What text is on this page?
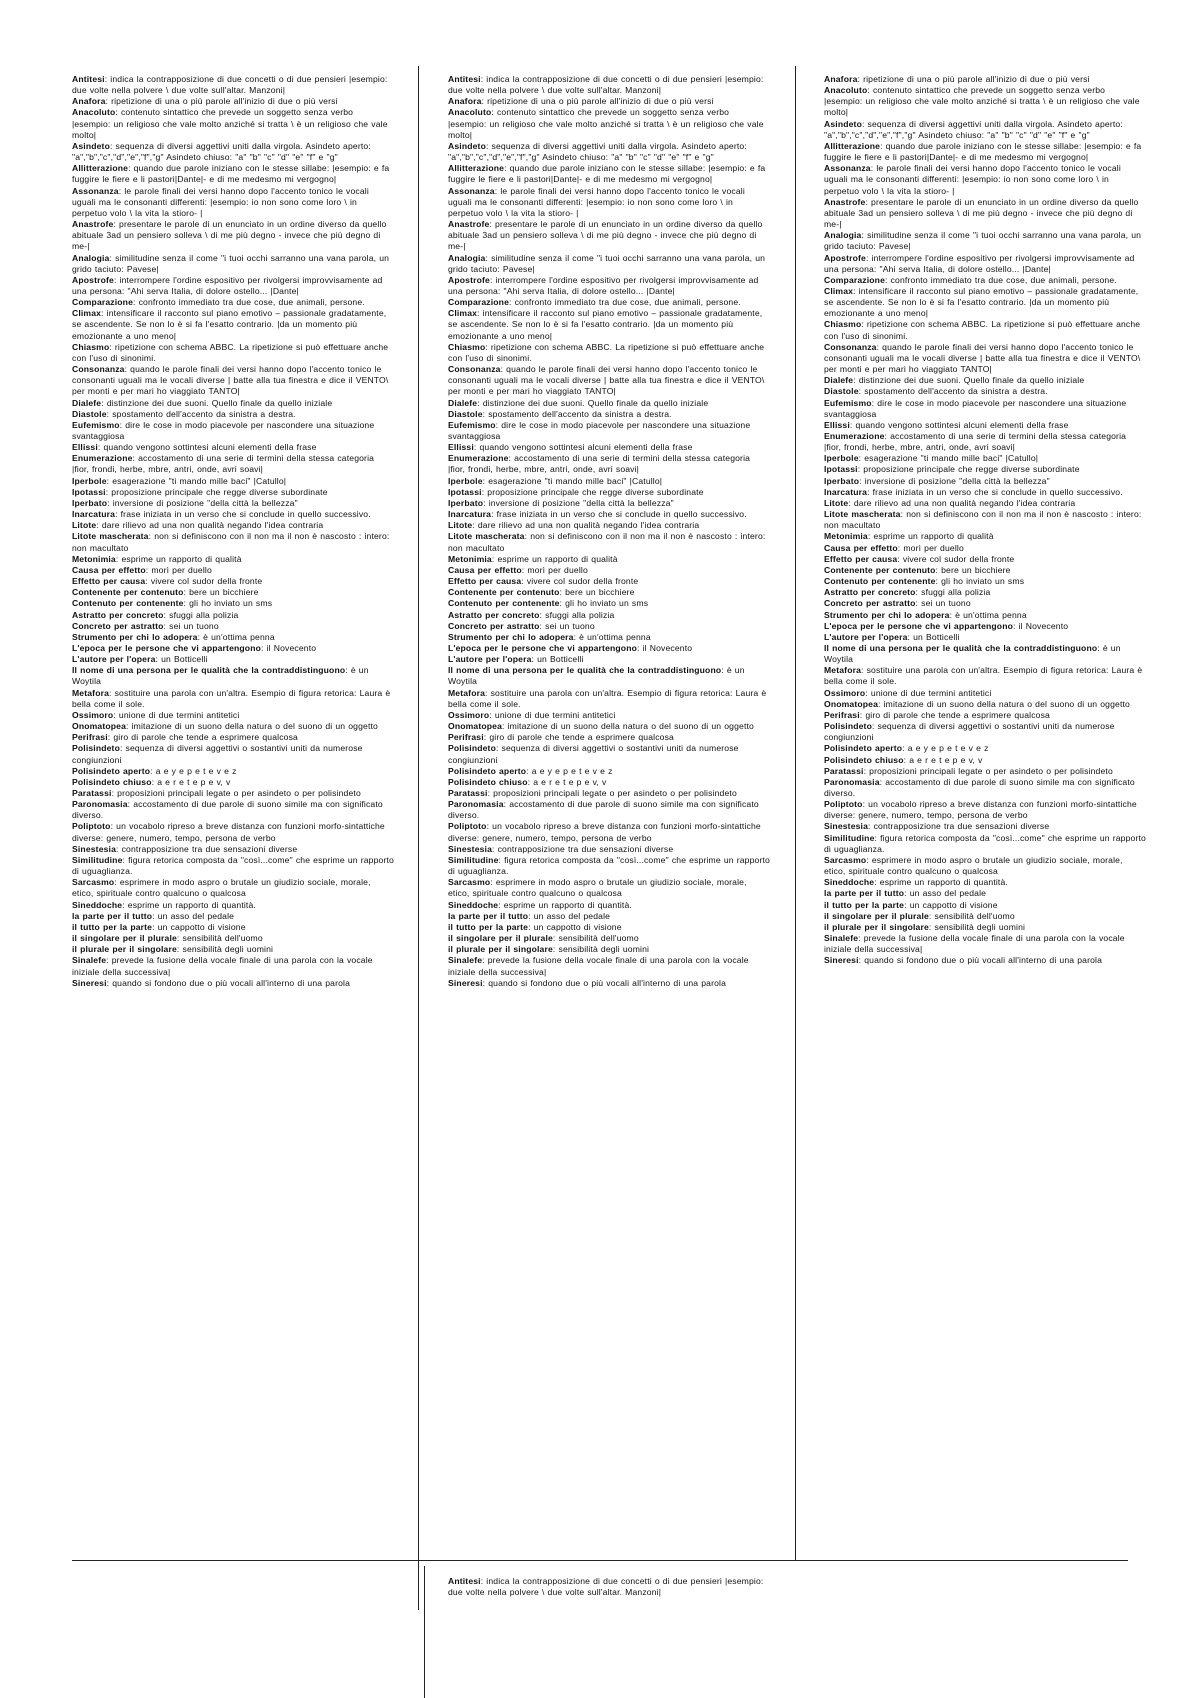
Antitesi: indica la contrapposizione di due concetti o di due pensieri |esempio: due volte nella polvere \ due volte sull'altar. Manzoni|

Anafora: ripetizione di una o più parole all'inizio di due o più versi

Anacoluto: contenuto sintattico che prevede un soggetto senza verbo |esempio: un religioso che vale molto anziché si tratta \ è un religioso che vale molto|

Asindeto: sequenza di diversi aggettivi uniti dalla virgola. Asindeto aperto: "a","b","c","d","e","f","g" Asindeto chiuso: "a" "b" "c" "d" "e" "f" e "g"

Allitterazione: quando due parole iniziano con le stesse sillabe: |esempio: e fa fuggire le fiere e li pastori|Dante|- e di me medesmo mi vergogno|

Assonanza: le parole finali dei versi hanno dopo l'accento tonico le vocali uguali ma le consonanti differenti: |esempio: io non sono come loro \ in perpetuo volo \ la vita la stioro- |

Anastrofe: presentare le parole di un enunciato in un ordine diverso da quello abituale 3ad un pensiero solleva \ di me più degno - invece che più degno di me-|

Analogia: similitudine senza il come "i tuoi occhi sarranno una vana parola, un grido taciuto: Pavese|

Apostrofe: interrompere l'ordine espositivo per rivolgersi improvvisamente ad una persona: "Ahi serva Italia, di dolore ostello... |Dante|

Comparazione: confronto immediato tra due cose, due animali, persone.

Climax: intensificare il racconto sul piano emotivo – passionale gradatamente, se ascendente. Se non lo è si fa l'esatto contrario. |da un momento più emozionante a uno meno|

Chiasmo: ripetizione con schema ABBC. La ripetizione si può effettuare anche con l'uso di sinonimi.

Consonanza: quando le parole finali dei versi hanno dopo l'accento tonico le consonanti uguali ma le vocali diverse | batte alla tua finestra e dice il VENTO\ per monti e per mari ho viaggiato TANTO|

Dialefe: distinzione dei due suoni. Quello finale da quello iniziale

Diastole: spostamento dell'accento da sinistra a destra.

Eufemismo: dire le cose in modo piacevole per nascondere una situazione svantaggiosa

Ellissi: quando vengono sottintesi alcuni elementi della frase

Enumerazione: accostamento di una serie di termini della stessa categoria |fior, frondi, herbe, mbre, antri, onde, avri soavi|

Iperbole: esagerazione "ti mando mille baci" |Catullo|

Ipotassi: proposizione principale che regge diverse subordinate

Iperbato: inversione di posizione "della città la bellezza"

Inarcatura: frase iniziata in un verso che si conclude in quello successivo.

Litote: dare rilievo ad una non qualità negando l'idea contraria

Litote mascherata: non si definiscono con il non ma il non è nascosto : intero: non macultato

Metonimia: esprime un rapporto di qualità

Causa per effetto: morì per duello

Effetto per causa: vivere col sudor della fronte

Contenente per contenuto: bere un bicchiere

Contenuto per contenente: gli ho inviato un sms

Astratto per concreto: sfuggi alla polizia

Concreto per astratto: sei un tuono

Strumento per chi lo adopera: è un'ottima penna

L'epoca per le persone che vi appartengono: il Novecento

L'autore per l'opera: un Botticelli

Il nome di una persona per le qualità che la contraddistinguono: è un Woytila

Metafora: sostituire una parola con un'altra. Esempio di figura retorica: Laura è bella come il sole.

Ossimoro: unione di due termini antitetici

Onomatopea: imitazione di un suono della natura o del suono di un oggetto

Perifrasi: giro di parole che tende a esprimere qualcosa

Polisindeto: sequenza di diversi aggettivi o sostantivi uniti da numerose congiunzioni

Polisindeto aperto: a e y e p e t e v e z

Polisindeto chiuso: a e r e t e p e v, v

Paratassi: proposizioni principali legate o per asindeto o per polisindeto

Paronomasia: accostamento di due parole di suono simile ma con significato diverso.

Poliptoto: un vocabolo ripreso a breve distanza con funzioni morfo-sintattiche diverse: genere, numero, tempo, persona de verbo

Sinestesia: contrapposizione tra due sensazioni diverse

Similitudine: figura retorica composta da "così...come" che esprime un rapporto di uguaglianza.

Sarcasmo: esprimere in modo aspro o brutale un giudizio sociale, morale, etico, spirituale contro qualcuno o qualcosa

Sineddoche: esprime un rapporto di quantità.

la parte per il tutto: un asso del pedale

il tutto per la parte: un cappotto di visione

il singolare per il plurale: sensibilità dell'uomo

il plurale per il singolare: sensibilità degli uomini

Sinalefe: prevede la fusione della vocale finale di una parola con la vocale iniziale della successiva|

Sineresi: quando si fondono due o più vocali all'interno di una parola

Antitesi: indica la contrapposizione di due concetti o di due pensieri |esempio: due volte nella polvere \ due volte sull'altar. Manzoni|

Anafora: ripetizione di una o più parole all'inizio di due o più versi

Anacoluto: contenuto sintattico che prevede un soggetto senza verbo |esempio: un religioso che vale molto anziché si tratta \ è un religioso che vale molto|

Asindeto: sequenza di diversi aggettivi uniti dalla virgola. Asindeto aperto: "a","b","c","d","e","f","g" Asindeto chiuso: "a" "b" "c" "d" "e" "f" e "g"

Allitterazione: quando due parole iniziano con le stesse sillabe: |esempio: e fa fuggire le fiere e li pastori|Dante|- e di me medesmo mi vergogno|

Assonanza: le parole finali dei versi hanno dopo l'accento tonico le vocali uguali ma le consonanti differenti: |esempio: io non sono come loro \ in perpetuo volo \ la vita la stioro- |

Anastrofe: presentare le parole di un enunciato in un ordine diverso da quello abituale 3ad un pensiero solleva \ di me più degno - invece che più degno di me-|

Analogia: similitudine senza il come "i tuoi occhi sarranno una vana parola, un grido taciuto: Pavese|

Apostrofe: interrompere l'ordine espositivo per rivolgersi improvvisamente ad una persona: "Ahi serva Italia, di dolore ostello... |Dante|

Comparazione: confronto immediato tra due cose, due animali, persone.

Climax: intensificare il racconto sul piano emotivo – passionale gradatamente, se ascendente. Se non lo è si fa l'esatto contrario. |da un momento più emozionante a uno meno|

Chiasmo: ripetizione con schema ABBC. La ripetizione si può effettuare anche con l'uso di sinonimi.

Consonanza: quando le parole finali dei versi hanno dopo l'accento tonico le consonanti uguali ma le vocali diverse | batte alla tua finestra e dice il VENTO\ per monti e per mari ho viaggiato TANTO|

Dialefe: distinzione dei due suoni. Quello finale da quello iniziale

Diastole: spostamento dell'accento da sinistra a destra.

Eufemismo: dire le cose in modo piacevole per nascondere una situazione svantaggiosa

Ellissi: quando vengono sottintesi alcuni elementi della frase

Enumerazione: accostamento di una serie di termini della stessa categoria |fior, frondi, herbe, mbre, antri, onde, avri soavi|

Iperbole: esagerazione "ti mando mille baci" |Catullo|

Ipotassi: proposizione principale che regge diverse subordinate

Iperbato: inversione di posizione "della città la bellezza"

Inarcatura: frase iniziata in un verso che si conclude in quello successivo.

Litote: dare rilievo ad una non qualità negando l'idea contraria

Litote mascherata: non si definiscono con il non ma il non è nascosto : intero: non macultato

Metonimia: esprime un rapporto di qualità

Causa per effetto: morì per duello

Effetto per causa: vivere col sudor della fronte

Contenente per contenuto: bere un bicchiere

Contenuto per contenente: gli ho inviato un sms

Astratto per concreto: sfuggi alla polizia

Concreto per astratto: sei un tuono

Strumento per chi lo adopera: è un'ottima penna

L'epoca per le persone che vi appartengono: il Novecento

L'autore per l'opera: un Botticelli

Il nome di una persona per le qualità che la contraddistinguono: è un Woytila

Metafora: sostituire una parola con un'altra. Esempio di figura retorica: Laura è bella come il sole.

Ossimoro: unione di due termini antitetici

Onomatopea: imitazione di un suono della natura o del suono di un oggetto

Perifrasi: giro di parole che tende a esprimere qualcosa

Polisindeto: sequenza di diversi aggettivi o sostantivi uniti da numerose congiunzioni

Polisindeto aperto: a e y e p e t e v e z

Polisindeto chiuso: a e r e t e p e v, v

Paratassi: proposizioni principali legate o per asindeto o per polisindeto

Paronomasia: accostamento di due parole di suono simile ma con significato diverso.

Poliptoto: un vocabolo ripreso a breve distanza con funzioni morfo-sintattiche diverse: genere, numero, tempo, persona de verbo

Sinestesia: contrapposizione tra due sensazioni diverse

Similitudine: figura retorica composta da "così...come" che esprime un rapporto di uguaglianza.

Sarcasmo: esprimere in modo aspro o brutale un giudizio sociale, morale, etico, spirituale contro qualcuno o qualcosa

Sineddoche: esprime un rapporto di quantità.

la parte per il tutto: un asso del pedale

il tutto per la parte: un cappotto di visione

il singolare per il plurale: sensibilità dell'uomo

il plurale per il singolare: sensibilità degli uomini

Sinalefe: prevede la fusione della vocale finale di una parola con la vocale iniziale della successiva|

Sineresi: quando si fondono due o più vocali all'interno di una parola

Anafora: ripetizione di una o più parole all'inizio di due o più versi

Anacoluto: contenuto sintattico che prevede un soggetto senza verbo |esempio: un religioso che vale molto anziché si tratta \ è un religioso che vale molto|

Asindeto: sequenza di diversi aggettivi uniti dalla virgola. Asindeto aperto: "a","b","c","d","e","f","g" Asindeto chiuso: "a" "b" "c" "d" "e" "f" e "g"

Allitterazione: quando due parole iniziano con le stesse sillabe: |esempio: e fa fuggire le fiere e li pastori|Dante|- e di me medesmo mi vergogno|

Assonanza: le parole finali dei versi hanno dopo l'accento tonico le vocali uguali ma le consonanti differenti: |esempio: io non sono come loro \ in perpetuo volo \ la vita la stioro- |

Anastrofe: presentare le parole di un enunciato in un ordine diverso da quello abituale 3ad un pensiero solleva \ di me più degno - invece che più degno di me-|

Analogia: similitudine senza il come "i tuoi occhi sarranno una vana parola, un grido taciuto: Pavese|

Apostrofe: interrompere l'ordine espositivo per rivolgersi improvvisamente ad una persona: "Ahi serva Italia, di dolore ostello... |Dante|

Comparazione: confronto immediato tra due cose, due animali, persone.

Climax: intensificare il racconto sul piano emotivo – passionale gradatamente, se ascendente. Se non lo è si fa l'esatto contrario. |da un momento più emozionante a uno meno|

Chiasmo: ripetizione con schema ABBC. La ripetizione si può effettuare anche con l'uso di sinonimi.

Consonanza: quando le parole finali dei versi hanno dopo l'accento tonico le consonanti uguali ma le vocali diverse | batte alla tua finestra e dice il VENTO\ per monti e per mari ho viaggiato TANTO|

Dialefe: distinzione dei due suoni. Quello finale da quello iniziale

Diastole: spostamento dell'accento da sinistra a destra.

Eufemismo: dire le cose in modo piacevole per nascondere una situazione svantaggiosa

Ellissi: quando vengono sottintesi alcuni elementi della frase

Enumerazione: accostamento di una serie di termini della stessa categoria |fior, frondi, herbe, mbre, antri, onde, avri soavi|

Iperbole: esagerazione "ti mando mille baci" |Catullo|

Ipotassi: proposizione principale che regge diverse subordinate

Iperbato: inversione di posizione "della città la bellezza"

Inarcatura: frase iniziata in un verso che si conclude in quello successivo.

Litote: dare rilievo ad una non qualità negando l'idea contraria

Litote mascherata: non si definiscono con il non ma il non è nascosto : intero: non macultato

Metonimia: esprime un rapporto di qualità

Causa per effetto: morì per duello

Effetto per causa: vivere col sudor della fronte

Contenente per contenuto: bere un bicchiere

Contenuto per contenente: gli ho inviato un sms

Astratto per concreto: sfuggi alla polizia

Concreto per astratto: sei un tuono

Strumento per chi lo adopera: è un'ottima penna

L'epoca per le persone che vi appartengono: il Novecento

L'autore per l'opera: un Botticelli

Il nome di una persona per le qualità che la contraddistinguono: è un Woytila

Metafora: sostituire una parola con un'altra. Esempio di figura retorica: Laura è bella come il sole.

Ossimoro: unione di due termini antitetici

Onomatopea: imitazione di un suono della natura o del suono di un oggetto

Perifrasi: giro di parole che tende a esprimere qualcosa

Polisindeto: sequenza di diversi aggettivi o sostantivi uniti da numerose congiunzioni

Polisindeto aperto: a e y e p e t e v e z

Polisindeto chiuso: a e r e t e p e v, v

Paratassi: proposizioni principali legate o per asindeto o per polisindeto

Paronomasia: accostamento di due parole di suono simile ma con significato diverso.

Poliptoto: un vocabolo ripreso a breve distanza con funzioni morfo-sintattiche diverse: genere, numero, tempo, persona de verbo

Sinestesia: contrapposizione tra due sensazioni diverse

Similitudine: figura retorica composta da "così...come" che esprime un rapporto di uguaglianza.

Sarcasmo: esprimere in modo aspro o brutale un giudizio sociale, morale, etico, spirituale contro qualcuno o qualcosa

Sineddoche: esprime un rapporto di quantità.

la parte per il tutto: un asso del pedale

il tutto per la parte: un cappotto di visione

il singolare per il plurale: sensibilità dell'uomo

il plurale per il singolare: sensibilità degli uomini

Sinalefe: prevede la fusione della vocale finale di una parola con la vocale iniziale della successiva|

Sineresi: quando si fondono due o più vocali all'interno di una parola

Antitesi: indica la contrapposizione di due concetti o di due pensieri |esempio: due volte nella polvere \ due volte sull'altar. Manzoni|
